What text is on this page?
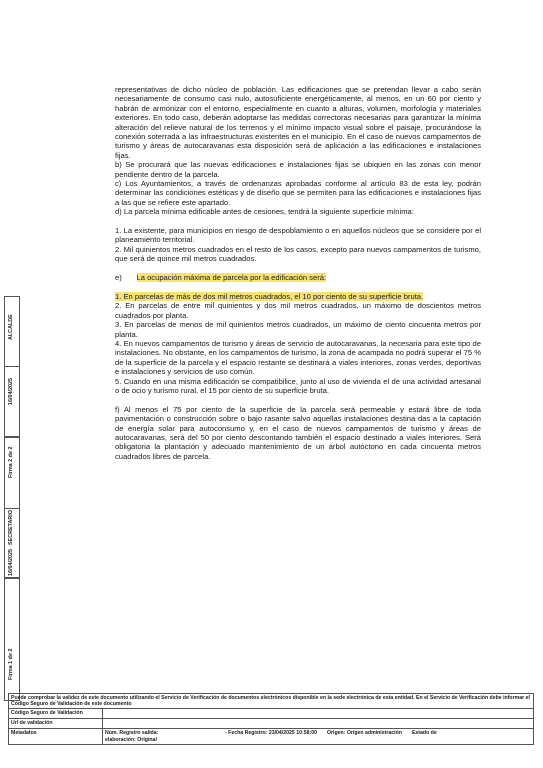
representativas de dicho núcleo de población. Las edificaciones que se pretendan llevar a cabo serán necesariamente de consumo casi nulo, autosuficiente energéticamente, al menos, en un 60 por ciento y habrán de armonizar con el entorno, especialmente en cuanto a alturas, volumen, morfología y materiales exteriores. En todo caso, deberán adoptarse las medidas correctoras necesarias para garantizar la mínima alteración del relieve natural de los terrenos y el mínimo impacto visual sobre el paisaje, procurándose la conexión soterrada a las infraestructuras existentes en el municipio. En el caso de nuevos campamentos de turismo y áreas de autocaravanas esta disposición será de aplicación a las edificaciones e instalaciones fijas.

b) Se procurará que las nuevas edificaciones e instalaciones fijas se ubiquen en las zonas con menor pendiente dentro de la parcela.

c) Los Ayuntamientos, a través de ordenanzas aprobadas conforme al artículo 83 de esta ley, podrán determinar las condiciones estéticas y de diseño que se permiten para las edificaciones e instalaciones fijas a las que se refiere este apartado.

d) La parcela mínima edificable antes de cesiones, tendrá la siguiente superficie mínima:

1. La existente, para municipios en riesgo de despoblamiento o en aquellos núcleos que se considere por el planeamiento territorial.

2. Mil quinientos metros cuadrados en el resto de los casos, excepto para nuevos campamentos de turismo, que será de quince mil metros cuadrados.

e)       La ocupación máxima de parcela por la edificación será:

1. En parcelas de más de dos mil metros cuadrados, el 10 por ciento de su superficie bruta.

2. En parcelas de entre mil quinientos y dos mil metros cuadrados, un máximo de doscientos metros cuadrados por planta.

3. En parcelas de menos de mil quinientos metros cuadrados, un máximo de ciento cincuenta metros por planta.

4. En nuevos campamentos de turismo y áreas de servicio de autocaravanas, la necesaria para este tipo de instalaciones. No obstante, en los campamentos de turismo, la zona de acampada no podrá superar el 75 % de la superficie de la parcela y el espacio restante se destinará a viales interiores, zonas verdes, deportivas e instalaciones y servicios de uso común.

5. Cuando en una misma edificación se compatibilice, junto al uso de vivienda el de una actividad artesanal o de ocio y turismo rural, el 15 por ciento de su superficie bruta.

f) Al menos el 75 por ciento de la superficie de la parcela será permeable y estará libre de toda pavimentación o construcción sobre o bajo rasante salvo aquellas instalaciones destina das a la captación de energía solar para autoconsumo y, en el caso de nuevos campamentos de turismo y áreas de autocaravanas, será del 50 por ciento descontando también el espacio destinado a viales interiores. Será obligatoria la plantación y adecuado mantenimiento de un árbol autóctono en cada cincuenta metros cuadrados libres de parcela.

Firma 1 de 2
16/04/2025
SECRETARIO
Firma 2 de 2
16/04/2025
ALCALDE
Puede comprobar la validez de este documento utilizando el Servicio de Verificación de documentos electrónicos disponible en la sede electrónica de esta entidad. En el Servicio de Verificación debe informar el Código Seguro de Validación de este documento
Código Seguro de Validación
Url de validación
Metadatos	Núm. Registro salida:
elaboración: Original
- Fecha Registro: 23/04/2025 10:58:00 Origen: Origen administración Estado de
